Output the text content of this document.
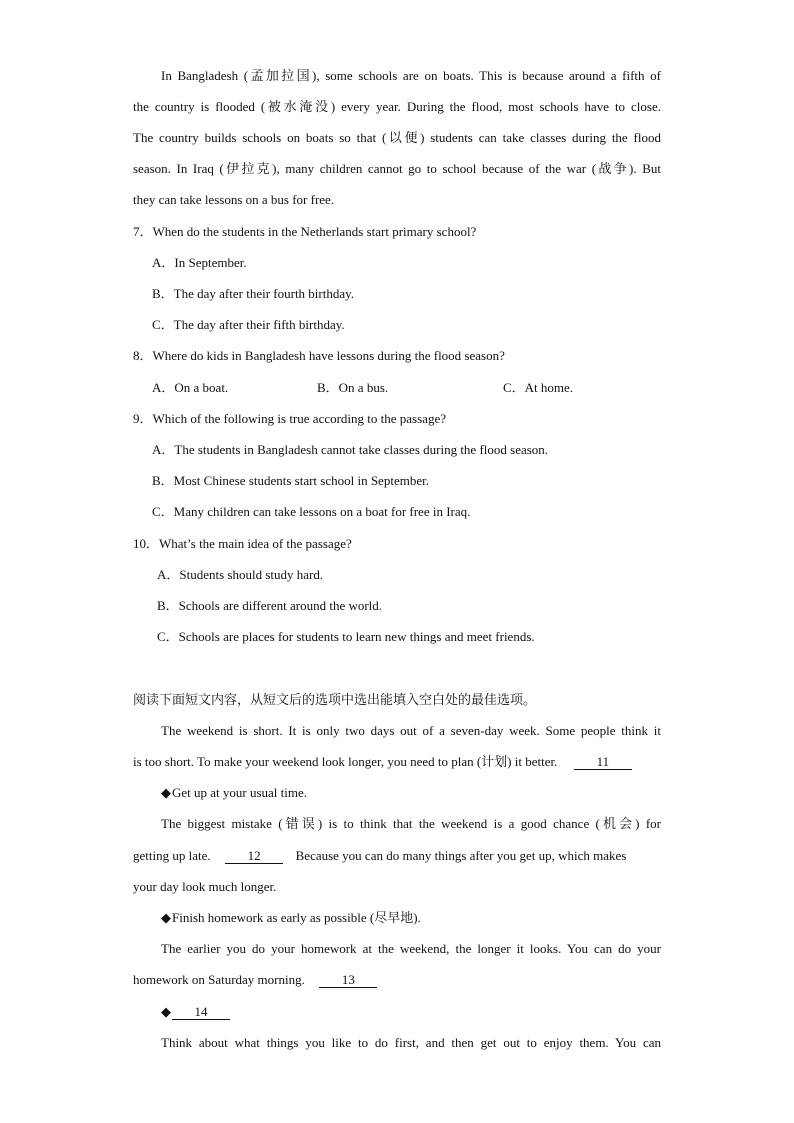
In Bangladesh (孟加拉国), some schools are on boats. This is because around a fifth of
the country is flooded (被水淹没) every year. During the flood, most schools have to close.
The country builds schools on boats so that (以便) students can take classes during the flood
season. In Iraq (伊拉克), many children cannot go to school because of the war (战争). But
they can take lessons on a bus for free.
7．When do the students in the Netherlands start primary school?
A．In September.
B．The day after their fourth birthday.
C．The day after their fifth birthday.
8．Where do kids in Bangladesh have lessons during the flood season?
A．On a boat.	B．On a bus.	C．At home.
9．Which of the following is true according to the passage?
A．The students in Bangladesh cannot take classes during the flood season.
B．Most Chinese students start school in September.
C．Many children can take lessons on a boat for free in Iraq.
10．What’s the main idea of the passage?
A．Students should study hard.
B．Schools are different around the world.
C．Schools are places for students to learn new things and meet friends.
阅读下面短文内容，从短文后的选项中选出能填入空白处的最佳选项。
The weekend is short. It is only two days out of a seven-day week. Some people think it
is too short. To make your weekend look longer, you need to plan (计划) it better.	11
◆Get up at your usual time.
The biggest mistake (错误) is to think that the weekend is a good chance (机会) for
getting up late.	12	Because you can do many things after you get up, which makes
your day look much longer.
◆Finish homework as early as possible (尽早地).
The earlier you do your homework at the weekend, the longer it looks. You can do your
homework on Saturday morning.	13
◆ 14
Think about what things you like to do first, and then get out to enjoy them. You can
